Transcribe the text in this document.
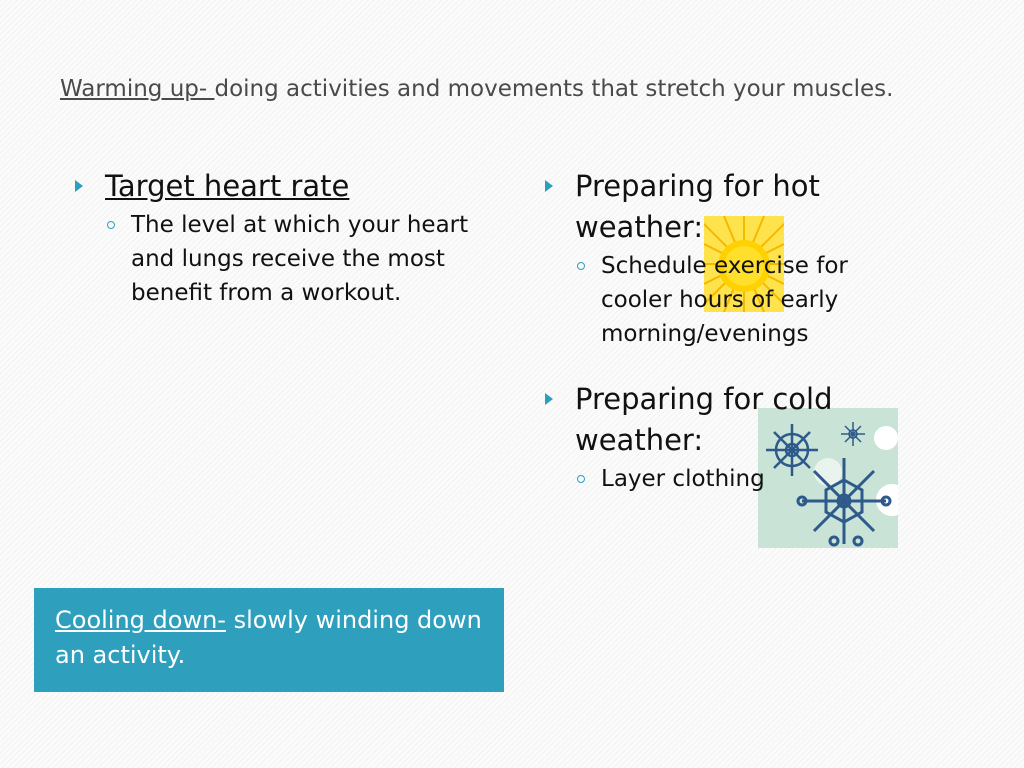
Warming up- doing activities and movements that stretch your muscles.
Target heart rate
The level at which your heart and lungs receive the most benefit from a workout.
Preparing for hot weather:
Schedule exercise for cooler hours of early morning/evenings
Preparing for cold weather:
Layer clothing
Cooling down- slowly winding down an activity.
